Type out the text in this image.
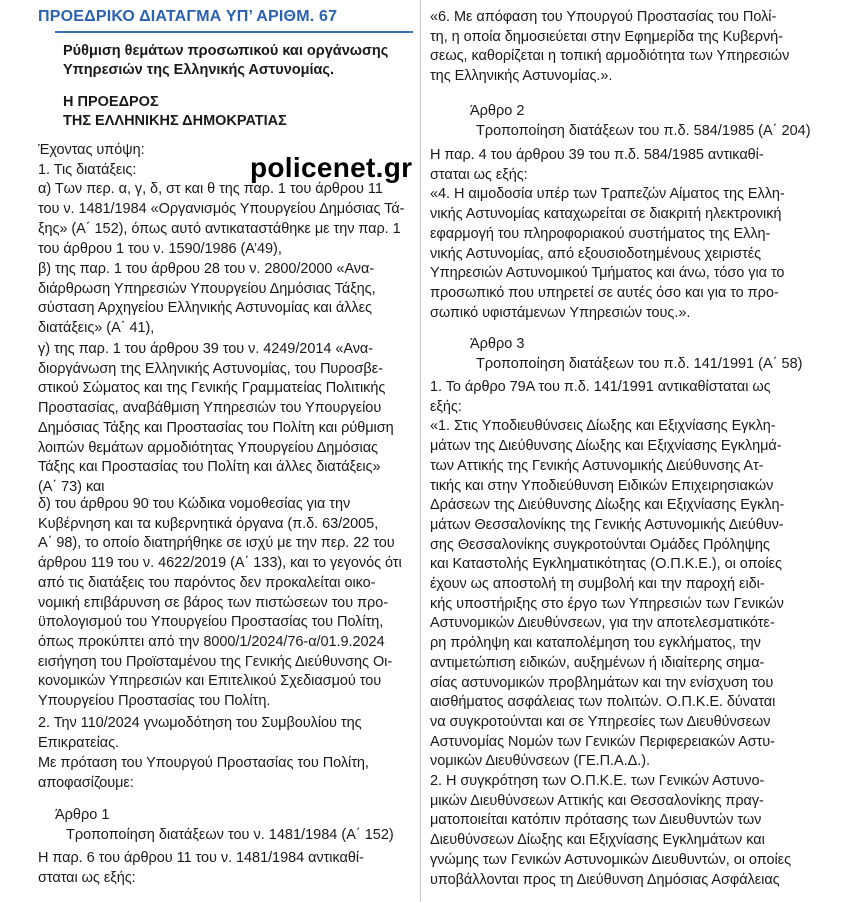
ΠΡΟΕΔΡΙΚΟ ΔΙΑΤΑΓΜΑ ΥΠ’ ΑΡΙΘΜ. 67

Ρύθμιση θεμάτων προσωπικού και οργάνωσης
Υπηρεσιών της Ελληνικής Αστυνομίας.

Η ΠΡΟΕΔΡΟΣ
ΤΗΣ ΕΛΛΗΝΙΚΗΣ ΔΗΜΟΚΡΑΤΙΑΣ

Έχοντας υπόψη:
1. Τις διατάξεις:
α) Των περ. α, γ, δ, στ και θ της παρ. 1 του άρθρου 11
του ν. 1481/1984 «Οργανισμός Υπουργείου Δημόσιας Τά-
ξης» (Α΄ 152), όπως αυτό αντικαταστάθηκε με την παρ. 1
του άρθρου 1 του ν. 1590/1986 (Α’49),

β) της παρ. 1 του άρθρου 28 του ν. 2800/2000 «Ανα-
διάρθρωση Υπηρεσιών Υπουργείου Δημόσιας Τάξης,
σύσταση Αρχηγείου Ελληνικής Αστυνομίας και άλλες
διατάξεις» (Α΄ 41),

γ) της παρ. 1 του άρθρου 39 του ν. 4249/2014 «Ανα-
διοργάνωση της Ελληνικής Αστυνομίας, του Πυροσβε-
στικού Σώματος και της Γενικής Γραμματείας Πολιτικής
Προστασίας, αναβάθμιση Υπηρεσιών του Υπουργείου
Δημόσιας Τάξης και Προστασίας του Πολίτη και ρύθμιση
λοιπών θεμάτων αρμοδιότητας Υπουργείου Δημόσιας
Τάξης και Προστασίας του Πολίτη και άλλες διατάξεις»
(Α΄ 73) και

δ) του άρθρου 90 του Κώδικα νομοθεσίας για την
Κυβέρνηση και τα κυβερνητικά όργανα (π.δ. 63/2005,
Α΄ 98), το οποίο διατηρήθηκε σε ισχύ με την περ. 22 του
άρθρου 119 του ν. 4622/2019 (Α΄ 133), και το γεγονός ότι
από τις διατάξεις του παρόντος δεν προκαλείται οικο-
νομική επιβάρυνση σε βάρος των πιστώσεων του προ-
ϋπολογισμού του Υπουργείου Προστασίας του Πολίτη,
όπως προκύπτει από την 8000/1/2024/76-α/01.9.2024
εισήγηση του Προϊσταμένου της Γενικής Διεύθυνσης Οι-
κονομικών Υπηρεσιών και Επιτελικού Σχεδιασμού του
Υπουργείου Προστασίας του Πολίτη.

2. Την 110/2024 γνωμοδότηση του Συμβουλίου της
Επικρατείας.

Με πρόταση του Υπουργού Προστασίας του Πολίτη,
αποφασίζουμε:

Άρθρο 1

Τροποποίηση διατάξεων του ν. 1481/1984 (Α΄ 152)

Η παρ. 6 του άρθρου 11 του ν. 1481/1984 αντικαθί-
σταται ως εξής:

policenet.gr

«6. Με απόφαση του Υπουργού Προστασίας του Πολί-
τη, η οποία δημοσιεύεται στην Εφημερίδα της Κυβερνή-
σεως, καθορίζεται η τοπική αρμοδιότητα των Υπηρεσιών
της Ελληνικής Αστυνομίας.».

Άρθρο 2

Τροποποίηση διατάξεων του π.δ. 584/1985 (Α΄ 204)

Η παρ. 4 του άρθρου 39 του π.δ. 584/1985 αντικαθί-
σταται ως εξής:
«4. Η αιμοδοσία υπέρ των Τραπεζών Αίματος της Ελλη-
νικής Αστυνομίας καταχωρείται σε διακριτή ηλεκτρονική
εφαρμογή του πληροφοριακού συστήματος της Ελλη-
νικής Αστυνομίας, από εξουσιοδοτημένους χειριστές
Υπηρεσιών Αστυνομικού Τμήματος και άνω, τόσο για το
προσωπικό που υπηρετεί σε αυτές όσο και για το προ-
σωπικό υφιστάμενων Υπηρεσιών τους.».

Άρθρο 3

Τροποποίηση διατάξεων του π.δ. 141/1991 (Α΄ 58)

1. Το άρθρο 79Α του π.δ. 141/1991 αντικαθίσταται ως
εξής:
«1. Στις Υποδιευθύνσεις Δίωξης και Εξιχνίασης Εγκλη-
μάτων της Διεύθυνσης Δίωξης και Εξιχνίασης Εγκλημά-
των Αττικής της Γενικής Αστυνομικής Διεύθυνσης Ατ-
τικής και στην Υποδιεύθυνση Ειδικών Επιχειρησιακών
Δράσεων της Διεύθυνσης Δίωξης και Εξιχνίασης Εγκλη-
μάτων Θεσσαλονίκης της Γενικής Αστυνομικής Διεύθυν-
σης Θεσσαλονίκης συγκροτούνται Ομάδες Πρόληψης
και Καταστολής Εγκληματικότητας (Ο.Π.Κ.Ε.), οι οποίες
έχουν ως αποστολή τη συμβολή και την παροχή ειδι-
κής υποστήριξης στο έργο των Υπηρεσιών των Γενικών
Αστυνομικών Διευθύνσεων, για την αποτελεσματικότε-
ρη πρόληψη και καταπολέμηση του εγκλήματος, την
αντιμετώπιση ειδικών, αυξημένων ή ιδιαίτερης σημα-
σίας αστυνομικών προβλημάτων και την ενίσχυση του
αισθήματος ασφάλειας των πολιτών. Ο.Π.Κ.Ε. δύναται
να συγκροτούνται και σε Υπηρεσίες των Διευθύνσεων
Αστυνομίας Νομών των Γενικών Περιφερειακών Αστυ-
νομικών Διευθύνσεων (ΓΕ.Π.Α.Δ.).

2. Η συγκρότηση των Ο.Π.Κ.Ε. των Γενικών Αστυνο-
μικών Διευθύνσεων Αττικής και Θεσσαλονίκης πραγ-
ματοποιείται κατόπιν πρότασης των Διευθυντών των
Διευθύνσεων Δίωξης και Εξιχνίασης Εγκλημάτων και
γνώμης των Γενικών Αστυνομικών Διευθυντών, οι οποίες
υποβάλλονται προς τη Διεύθυνση Δημόσιας Ασφάλειας
